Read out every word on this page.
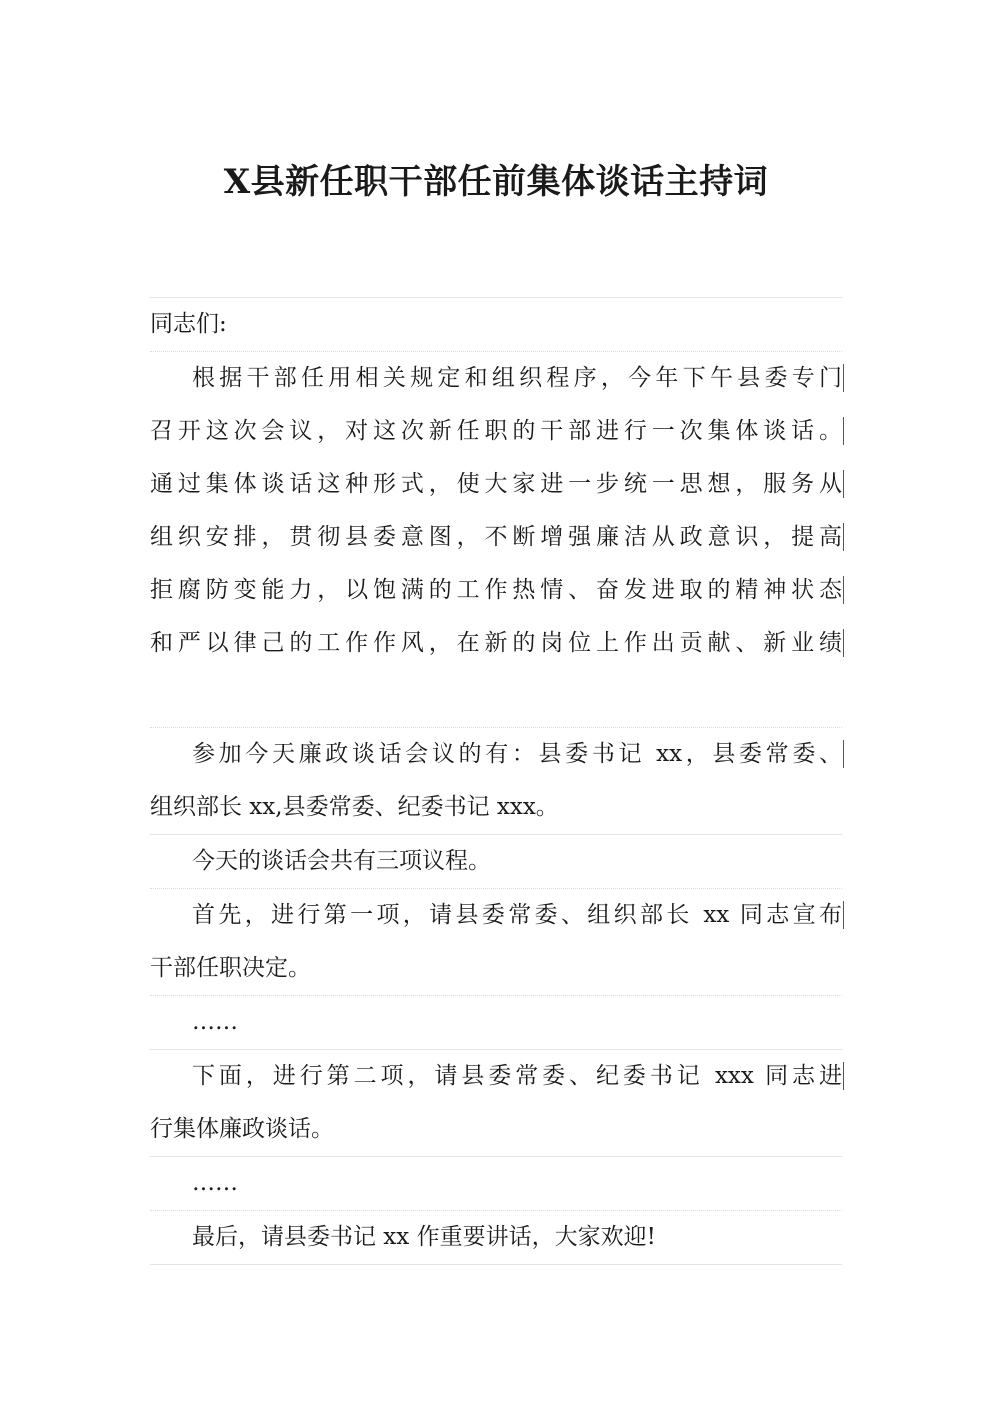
X县新任职干部任前集体谈话主持词
同志们:
根据干部任用相关规定和组织程序，今年下午县委专门
召开这次会议，对这次新任职的干部进行一次集体谈话。
通过集体谈话这种形式，使大家进一步统一思想，服务从
组织安排，贯彻县委意图，不断增强廉洁从政意识，提高
拒腐防变能力，以饱满的工作热情、奋发进取的精神状态
和严以律己的工作作风，在新的岗位上作出贡献、新业绩
参加今天廉政谈话会议的有：县委书记 xx，县委常委、
组织部长 xx,县委常委、纪委书记 xxx。
今天的谈话会共有三项议程。
首先，进行第一项，请县委常委、组织部长 xx 同志宣布
干部任职决定。
……
下面，进行第二项，请县委常委、纪委书记 xxx 同志进
行集体廉政谈话。
……
最后，请县委书记 xx 作重要讲话，大家欢迎!
